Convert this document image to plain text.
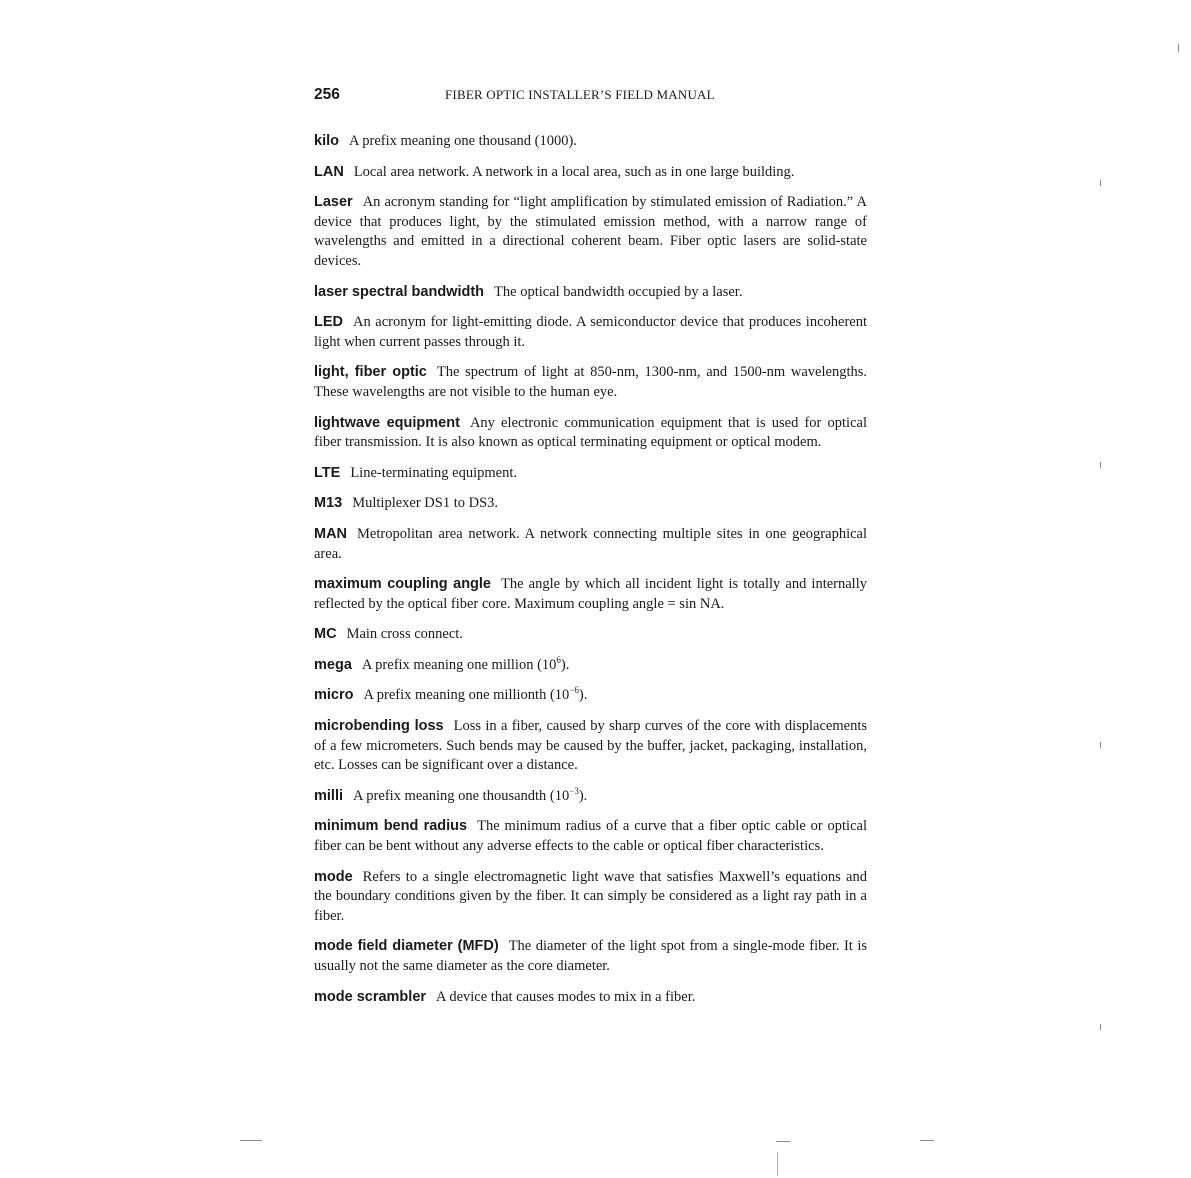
256	FIBER OPTIC INSTALLER’S FIELD MANUAL

kilo A prefix meaning one thousand (1000).

LAN Local area network. A network in a local area, such as in one large building.

Laser An acronym standing for “light amplification by stimulated emission of Radiation.” A device that produces light, by the stimulated emission method, with a narrow range of wavelengths and emitted in a directional coherent beam. Fiber optic lasers are solid-state devices.

laser spectral bandwidth The optical bandwidth occupied by a laser.

LED An acronym for light-emitting diode. A semiconductor device that produces incoherent light when current passes through it.

light, fiber optic The spectrum of light at 850-nm, 1300-nm, and 1500-nm wavelengths. These wavelengths are not visible to the human eye.

lightwave equipment Any electronic communication equipment that is used for optical fiber transmission. It is also known as optical terminating equipment or optical modem.

LTE Line-terminating equipment.

M13 Multiplexer DS1 to DS3.

MAN Metropolitan area network. A network connecting multiple sites in one geographical area.

maximum coupling angle The angle by which all incident light is totally and internally reflected by the optical fiber core. Maximum coupling angle = sin NA.

MC Main cross connect.

mega A prefix meaning one million $(10^6)$.

micro A prefix meaning one millionth $(10^{-6})$.

microbending loss Loss in a fiber, caused by sharp curves of the core with displacements of a few micrometers. Such bends may be caused by the buffer, jacket, packaging, installation, etc. Losses can be significant over a distance.

milli A prefix meaning one thousandth $(10^{-3})$.

minimum bend radius The minimum radius of a curve that a fiber optic cable or optical fiber can be bent without any adverse effects to the cable or optical fiber characteristics.

mode Refers to a single electromagnetic light wave that satisfies Maxwell’s equations and the boundary conditions given by the fiber. It can simply be considered as a light ray path in a fiber.

mode field diameter (MFD) The diameter of the light spot from a single-mode fiber. It is usually not the same diameter as the core diameter.

mode scrambler A device that causes modes to mix in a fiber.
